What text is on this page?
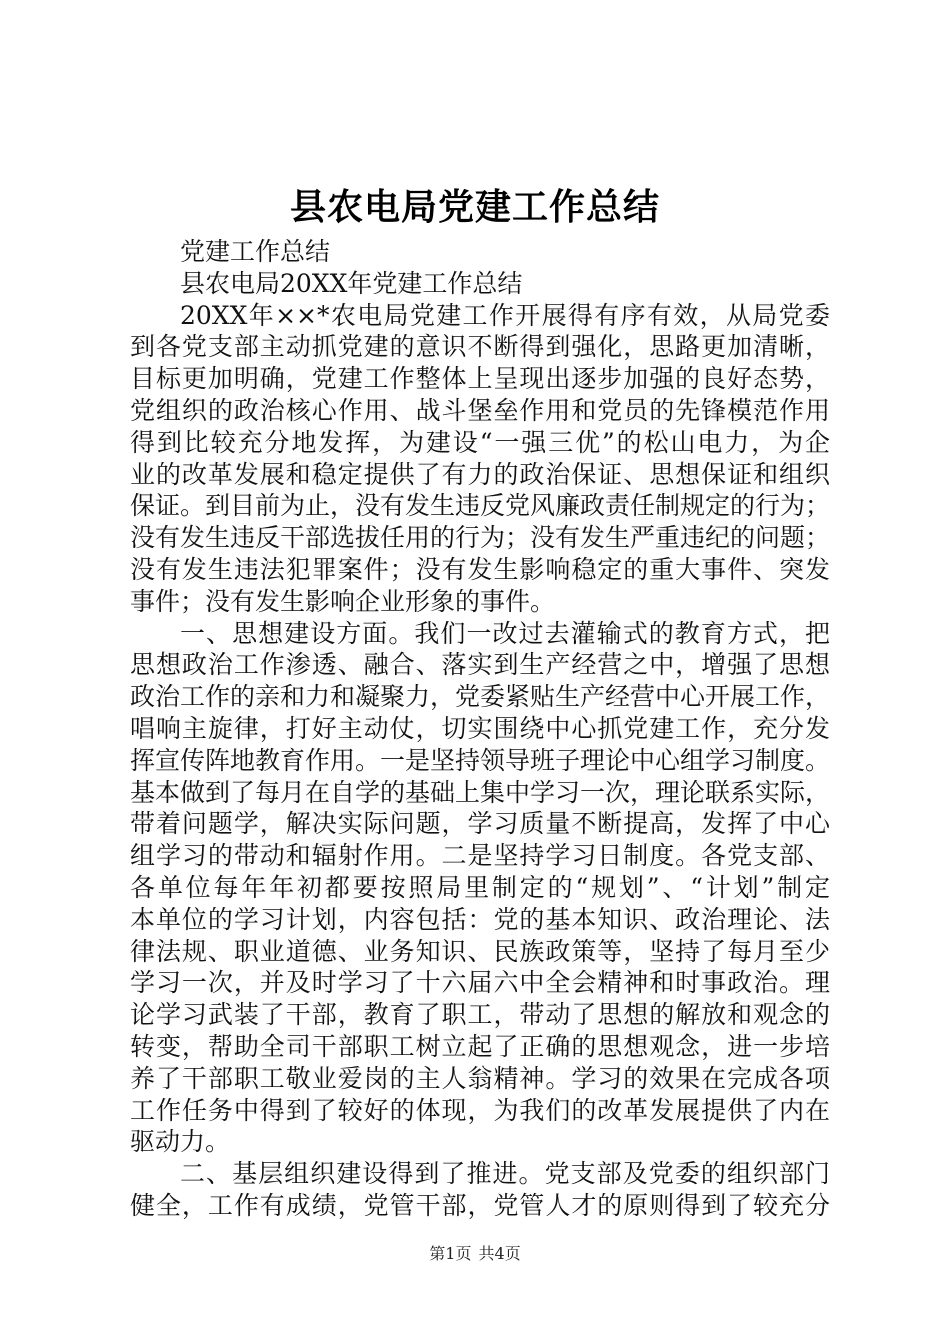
县农电局党建工作总结
党建工作总结
县农电局20XX年党建工作总结
20XX年××*农电局党建工作开展得有序有效，从局党委
到各党支部主动抓党建的意识不断得到强化，思路更加清晰，
目标更加明确，党建工作整体上呈现出逐步加强的良好态势，
党组织的政治核心作用、战斗堡垒作用和党员的先锋模范作用
得到比较充分地发挥，为建设“一强三优”的松山电力，为企
业的改革发展和稳定提供了有力的政治保证、思想保证和组织
保证。到目前为止，没有发生违反党风廉政责任制规定的行为；
没有发生违反干部选拔任用的行为；没有发生严重违纪的问题；
没有发生违法犯罪案件；没有发生影响稳定的重大事件、突发
事件；没有发生影响企业形象的事件。
一、思想建设方面。我们一改过去灌输式的教育方式，把
思想政治工作渗透、融合、落实到生产经营之中，增强了思想
政治工作的亲和力和凝聚力，党委紧贴生产经营中心开展工作，
唱响主旋律，打好主动仗，切实围绕中心抓党建工作，充分发
挥宣传阵地教育作用。一是坚持领导班子理论中心组学习制度。
基本做到了每月在自学的基础上集中学习一次，理论联系实际，
带着问题学，解决实际问题，学习质量不断提高，发挥了中心
组学习的带动和辐射作用。二是坚持学习日制度。各党支部、
各单位每年年初都要按照局里制定的“规划”、“计划”制定
本单位的学习计划，内容包括：党的基本知识、政治理论、法
律法规、职业道德、业务知识、民族政策等，坚持了每月至少
学习一次，并及时学习了十六届六中全会精神和时事政治。理
论学习武装了干部，教育了职工，带动了思想的解放和观念的
转变，帮助全司干部职工树立起了正确的思想观念，进一步培
养了干部职工敬业爱岗的主人翁精神。学习的效果在完成各项
工作任务中得到了较好的体现，为我们的改革发展提供了内在
驱动力。
二、基层组织建设得到了推进。党支部及党委的组织部门
健全，工作有成绩，党管干部，党管人才的原则得到了较充分
第1页 共4页
